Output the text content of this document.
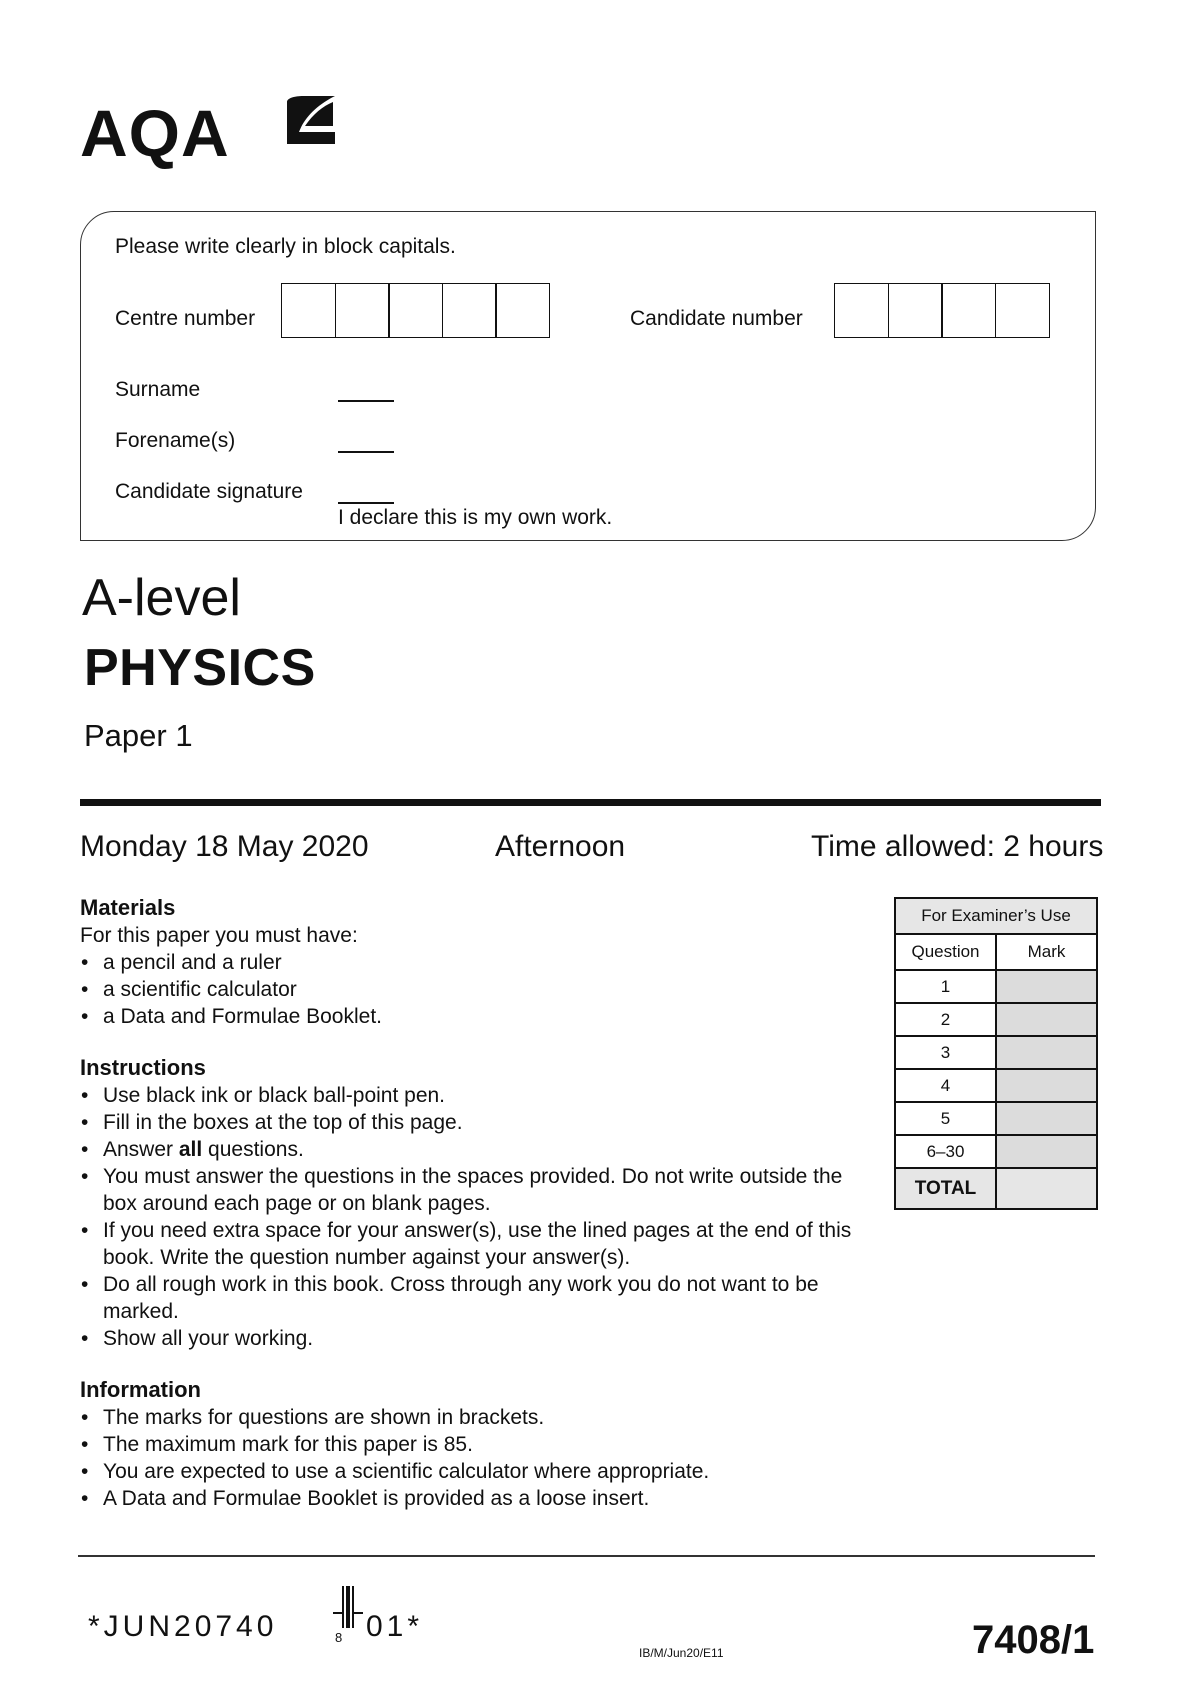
AQA
Please write clearly in block capitals.
Centre number	Candidate number
Surname
Forename(s)
Candidate signature
I declare this is my own work.
A-level
PHYSICS
Paper 1
Monday 18 May 2020	Afternoon	Time allowed: 2 hours
Materials
For this paper you must have:
• a pencil and a ruler
• a scientific calculator
• a Data and Formulae Booklet.
Instructions
• Use black ink or black ball-point pen.
• Fill in the boxes at the top of this page.
• Answer all questions.
• You must answer the questions in the spaces provided. Do not write outside the box around each page or on blank pages.
• If you need extra space for your answer(s), use the lined pages at the end of this book. Write the question number against your answer(s).
• Do all rough work in this book. Cross through any work you do not want to be marked.
• Show all your working.
Information
• The marks for questions are shown in brackets.
• The maximum mark for this paper is 85.
• You are expected to use a scientific calculator where appropriate.
• A Data and Formulae Booklet is provided as a loose insert.
For Examiner’s Use	
Question	Mark
1	
2	
3	
4	
5	
6–30	
TOTAL	
*JUN20740	8 01*
IB/M/Jun20/E11	7408/1
